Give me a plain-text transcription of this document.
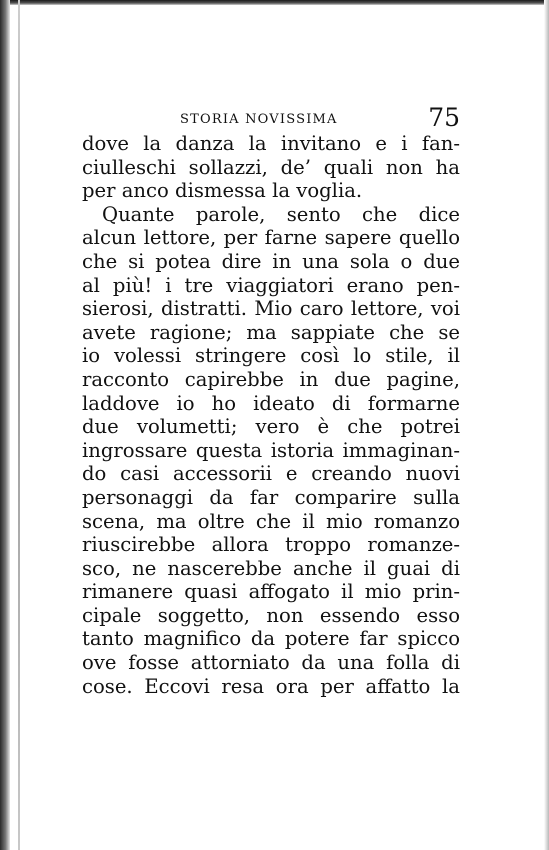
STORIA NOVISSIMA	75
dove la danza la invitano e i fan-
ciulleschi sollazzi, de’ quali non ha
per anco dismessa la voglia.
Quante parole, sento che dice
alcun lettore, per farne sapere quello
che si potea dire in una sola o due
al più! i tre viaggiatori erano pen-
sierosi, distratti. Mio caro lettore, voi
avete ragione; ma sappiate che se
io volessi stringere così lo stile, il
racconto capirebbe in due pagine,
laddove io ho ideato di formarne
due volumetti; vero è che potrei
ingrossare questa istoria immaginan-
do casi accessorii e creando nuovi
personaggi da far comparire sulla
scena, ma oltre che il mio romanzo
riuscirebbe allora troppo romanze-
sco, ne nascerebbe anche il guai di
rimanere quasi affogato il mio prin-
cipale soggetto, non essendo esso
tanto magnifico da potere far spicco
ove fosse attorniato da una folla di
cose. Eccovi resa ora per affatto la
